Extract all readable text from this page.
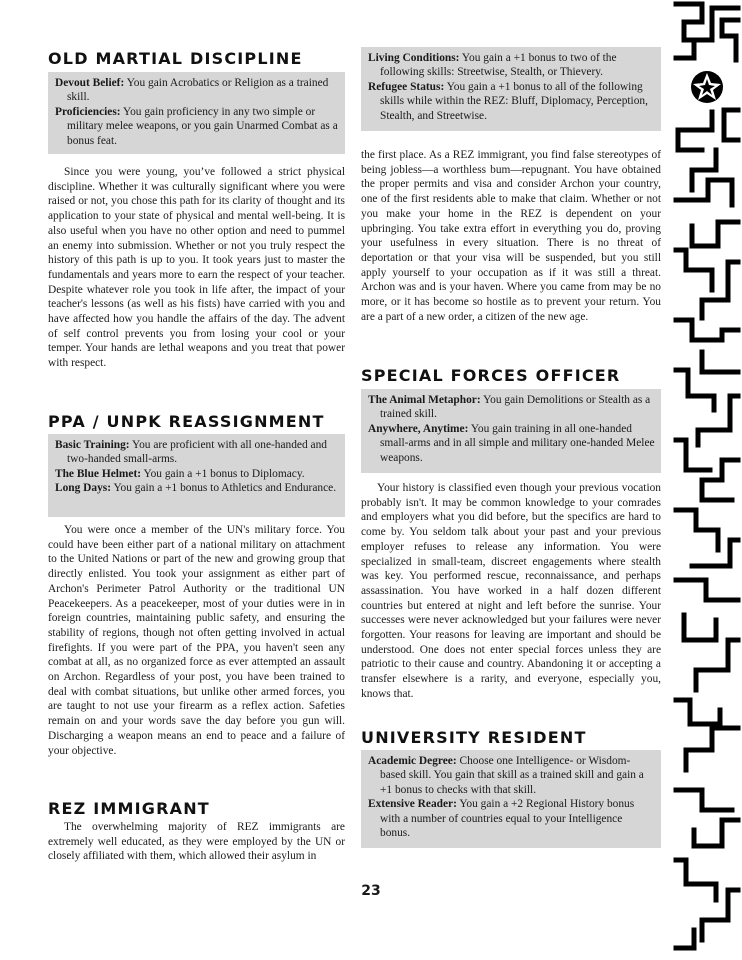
OLD MARTIAL DISCIPLINE

Devout Belief: You gain Acrobatics or Religion as a trained skill.

Proficiencies: You gain proficiency in any two simple or military melee weapons, or you gain Unarmed Combat as a bonus feat.

Since you were young, you’ve followed a strict physical discipline. Whether it was culturally significant where you were raised or not, you chose this path for its clarity of thought and its application to your state of physical and mental well-being. It is also useful when you have no other option and need to pummel an enemy into submission. Whether or not you truly respect the history of this path is up to you. It took years just to master the fundamentals and years more to earn the respect of your teacher. Despite whatever role you took in life after, the impact of your teacher's lessons (as well as his fists) have carried with you and have affected how you handle the affairs of the day. The advent of self control prevents you from losing your cool or your temper. Your hands are lethal weapons and you treat that power with respect.

PPA / UNPK REASSIGNMENT

Basic Training: You are proficient with all one-handed and two-handed small-arms.

The Blue Helmet: You gain a +1 bonus to Diplomacy.

Long Days: You gain a +1 bonus to Athletics and Endurance.

You were once a member of the UN's military force. You could have been either part of a national military on attachment to the United Nations or part of the new and growing group that directly enlisted. You took your assignment as either part of Archon's Perimeter Patrol Authority or the traditional UN Peacekeepers. As a peacekeeper, most of your duties were in in foreign countries, maintaining public safety, and ensuring the stability of regions, though not often getting involved in actual firefights. If you were part of the PPA, you haven't seen any combat at all, as no organized force as ever attempted an assault on Archon. Regardless of your post, you have been trained to deal with combat situations, but unlike other armed forces, you are taught to not use your firearm as a reflex action. Safeties remain on and your words save the day before you gun will. Discharging a weapon means an end to peace and a failure of your objective.

REZ IMMIGRANT

The overwhelming majority of REZ immigrants are extremely well educated, as they were employed by the UN or closely affiliated with them, which allowed their asylum in

Living Conditions: You gain a +1 bonus to two of the following skills: Streetwise, Stealth, or Thievery.

Refugee Status: You gain a +1 bonus to all of the following skills while within the REZ: Bluff, Diplomacy, Perception, Stealth, and Streetwise.

the first place. As a REZ immigrant, you find false stereotypes of being jobless—a worthless bum—repugnant. You have obtained the proper permits and visa and consider Archon your country, one of the first residents able to make that claim. Whether or not you make your home in the REZ is dependent on your upbringing. You take extra effort in everything you do, proving your usefulness in every situation. There is no threat of deportation or that your visa will be suspended, but you still apply yourself to your occupation as if it was still a threat. Archon was and is your haven. Where you came from may be no more, or it has become so hostile as to prevent your return. You are a part of a new order, a citizen of the new age.

SPECIAL FORCES OFFICER

The Animal Metaphor: You gain Demolitions or Stealth as a trained skill.

Anywhere, Anytime: You gain training in all one-handed small-arms and in all simple and military one-handed Melee weapons.

Your history is classified even though your previous vocation probably isn't. It may be common knowledge to your comrades and employers what you did before, but the specifics are hard to come by. You seldom talk about your past and your previous employer refuses to release any information. You were specialized in small-team, discreet engagements where stealth was key. You performed rescue, reconnaissance, and perhaps assassination. You have worked in a half dozen different countries but entered at night and left before the sunrise. Your successes were never acknowledged but your failures were never forgotten. Your reasons for leaving are important and should be understood. One does not enter special forces unless they are patriotic to their cause and country. Abandoning it or accepting a transfer elsewhere is a rarity, and everyone, especially you, knows that.

UNIVERSITY RESIDENT

Academic Degree: Choose one Intelligence- or Wisdom-based skill. You gain that skill as a trained skill and gain a +1 bonus to checks with that skill.

Extensive Reader: You gain a +2 Regional History bonus with a number of countries equal to your Intelligence bonus.

23
